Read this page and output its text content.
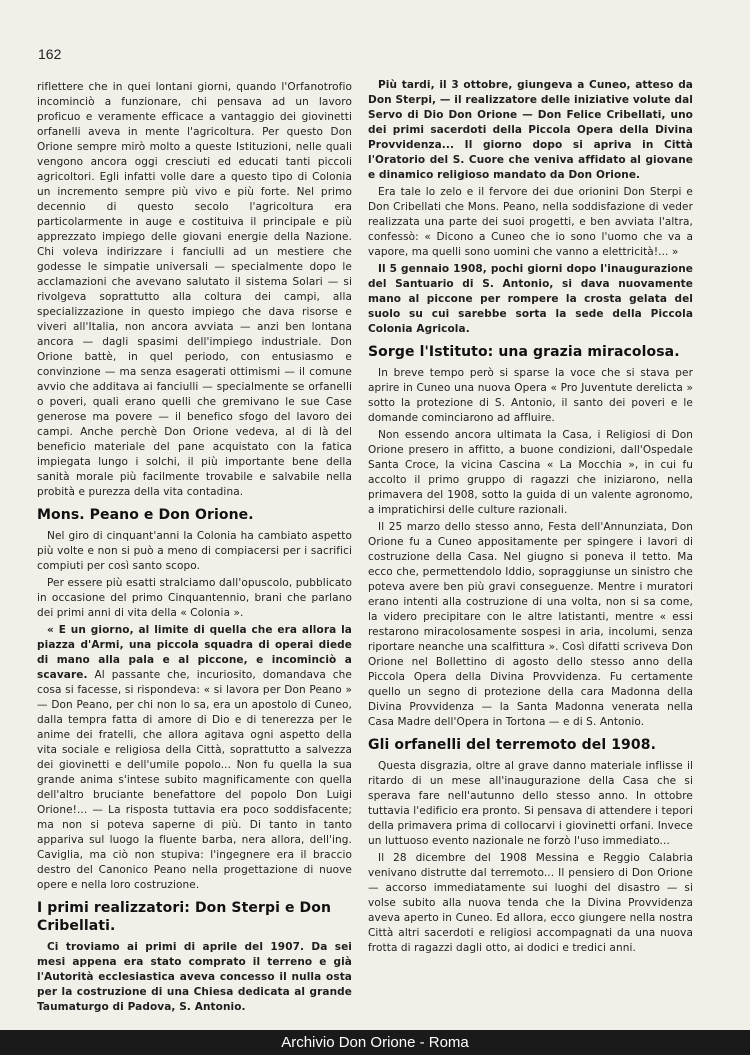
162

riflettere che in quei lontani giorni, quando l'Orfanotrofio incominciò a funzionare, chi pensava ad un lavoro proficuo e veramente efficace a vantaggio dei giovinetti orfanelli aveva in mente l'agricoltura. Per questo Don Orione sempre mirò molto a queste Istituzioni, nelle quali vengono ancora oggi cresciuti ed educati tanti piccoli agricoltori. Egli infatti volle dare a questo tipo di Colonia un incremento sempre più vivo e più forte. Nel primo decennio di questo secolo l'agricoltura era particolarmente in auge e costituiva il principale e più apprezzato impiego delle giovani energie della Nazione. Chi voleva indirizzare i fanciulli ad un mestiere che godesse le simpatie universali — specialmente dopo le acclamazioni che avevano salutato il sistema Solari — si rivolgeva soprattutto alla coltura dei campi, alla specializzazione in questo impiego che dava risorse e viveri all'Italia, non ancora avviata — anzi ben lontana ancora — dagli spasimi dell'impiego industriale. Don Orione battè, in quel periodo, con entusiasmo e convinzione — ma senza esagerati ottimismi — il comune avvio che additava ai fanciulli — specialmente se orfanelli o poveri, quali erano quelli che gremivano le sue Case generose ma povere — il benefico sfogo del lavoro dei campi. Anche perchè Don Orione vedeva, al di là del beneficio materiale del pane acquistato con la fatica impiegata lungo i solchi, il più importante bene della sanità morale più facilmente trovabile e salvabile nella probità e purezza della vita contadina.

Mons. Peano e Don Orione.

Nel giro di cinquant'anni la Colonia ha cambiato aspetto più volte e non si può a meno di compiacersi per i sacrifici compiuti per così santo scopo.

Per essere più esatti stralciamo dall'opuscolo, pubblicato in occasione del primo Cinquantennio, brani che parlano dei primi anni di vita della « Colonia ».

« E un giorno, al limite di quella che era allora la piazza d'Armi, una piccola squadra di operai diede di mano alla pala e al piccone, e incominciò a scavare. Al passante che, incuriosito, domandava che cosa si facesse, si rispondeva: « si lavora per Don Peano » — Don Peano, per chi non lo sa, era un apostolo di Cuneo, dalla tempra fatta di amore di Dio e di tenerezza per le anime dei fratelli, che allora agitava ogni aspetto della vita sociale e religiosa della Città, soprattutto a salvezza dei giovinetti e dell'umile popolo... Non fu quella la sua grande anima s'intese subito magnificamente con quella dell'altro bruciante benefattore del popolo Don Luigi Orione!... — La risposta tuttavia era poco soddisfacente; ma non si poteva saperne di più. Di tanto in tanto appariva sul luogo la fluente barba, nera allora, dell'ing. Caviglia, ma ciò non stupiva: l'ingegnere era il braccio destro del Canonico Peano nella progettazione di nuove opere e nella loro costruzione.

I primi realizzatori: Don Sterpi e Don Cribellati.

Ci troviamo ai primi di aprile del 1907. Da sei mesi appena era stato comprato il terreno e già l'Autorità ecclesiastica aveva concesso il nulla osta per la costruzione di una Chiesa dedicata al grande Taumaturgo di Padova, S. Antonio.

Più tardi, il 3 ottobre, giungeva a Cuneo, atteso da Don Sterpi, — il realizzatore delle iniziative volute dal Servo di Dio Don Orione — Don Felice Cribellati, uno dei primi sacerdoti della Piccola Opera della Divina Provvidenza... Il giorno dopo si apriva in Città l'Oratorio del S. Cuore che veniva affidato al giovane e dinamico religioso mandato da Don Orione.

Era tale lo zelo e il fervore dei due orionini Don Sterpi e Don Cribellati che Mons. Peano, nella soddisfazione di veder realizzata una parte dei suoi progetti, e ben avviata l'altra, confessò: « Dicono a Cuneo che io sono l'uomo che va a vapore, ma quelli sono uomini che vanno a elettricità!... »

Il 5 gennaio 1908, pochi giorni dopo l'inaugurazione del Santuario di S. Antonio, si dava nuovamente mano al piccone per rompere la crosta gelata del suolo su cui sarebbe sorta la sede della Piccola Colonia Agricola.

Sorge l'Istituto: una grazia miracolosa.

In breve tempo però si sparse la voce che si stava per aprire in Cuneo una nuova Opera « Pro Juventute derelicta » sotto la protezione di S. Antonio, il santo dei poveri e le domande cominciarono ad affluire.

Non essendo ancora ultimata la Casa, i Religiosi di Don Orione presero in affitto, a buone condizioni, dall'Ospedale Santa Croce, la vicina Cascina « La Mocchia », in cui fu accolto il primo gruppo di ragazzi che iniziarono, nella primavera del 1908, sotto la guida di un valente agronomo, a impratichirsi delle culture razionali.

Il 25 marzo dello stesso anno, Festa dell'Annunziata, Don Orione fu a Cuneo appositamente per spingere i lavori di costruzione della Casa. Nel giugno si poneva il tetto. Ma ecco che, permettendolo Iddio, sopraggiunse un sinistro che poteva avere ben più gravi conseguenze. Mentre i muratori erano intenti alla costruzione di una volta, non si sa come, la videro precipitare con le altre latistanti, mentre « essi restarono miracolosamente sospesi in aria, incolumi, senza riportare neanche una scalfittura ». Così difatti scriveva Don Orione nel Bollettino di agosto dello stesso anno della Piccola Opera della Divina Provvidenza. Fu certamente quello un segno di protezione della cara Madonna della Divina Provvidenza — la Santa Madonna venerata nella Casa Madre dell'Opera in Tortona — e di S. Antonio.

Gli orfanelli del terremoto del 1908.

Questa disgrazia, oltre al grave danno materiale inflisse il ritardo di un mese all'inaugurazione della Casa che si sperava fare nell'autunno dello stesso anno. In ottobre tuttavia l'edificio era pronto. Si pensava di attendere i tepori della primavera prima di collocarvi i giovinetti orfani. Invece un luttuoso evento nazionale ne forzò l'uso immediato...

Il 28 dicembre del 1908 Messina e Reggio Calabria venivano distrutte dal terremoto... Il pensiero di Don Orione — accorso immediatamente sui luoghi del disastro — si volse subito alla nuova tenda che la Divina Provvidenza aveva aperto in Cuneo. Ed allora, ecco giungere nella nostra Città altri sacerdoti e religiosi accompagnati da una nuova frotta di ragazzi dagli otto, ai dodici e tredici anni.

Archivio Don Orione - Roma
